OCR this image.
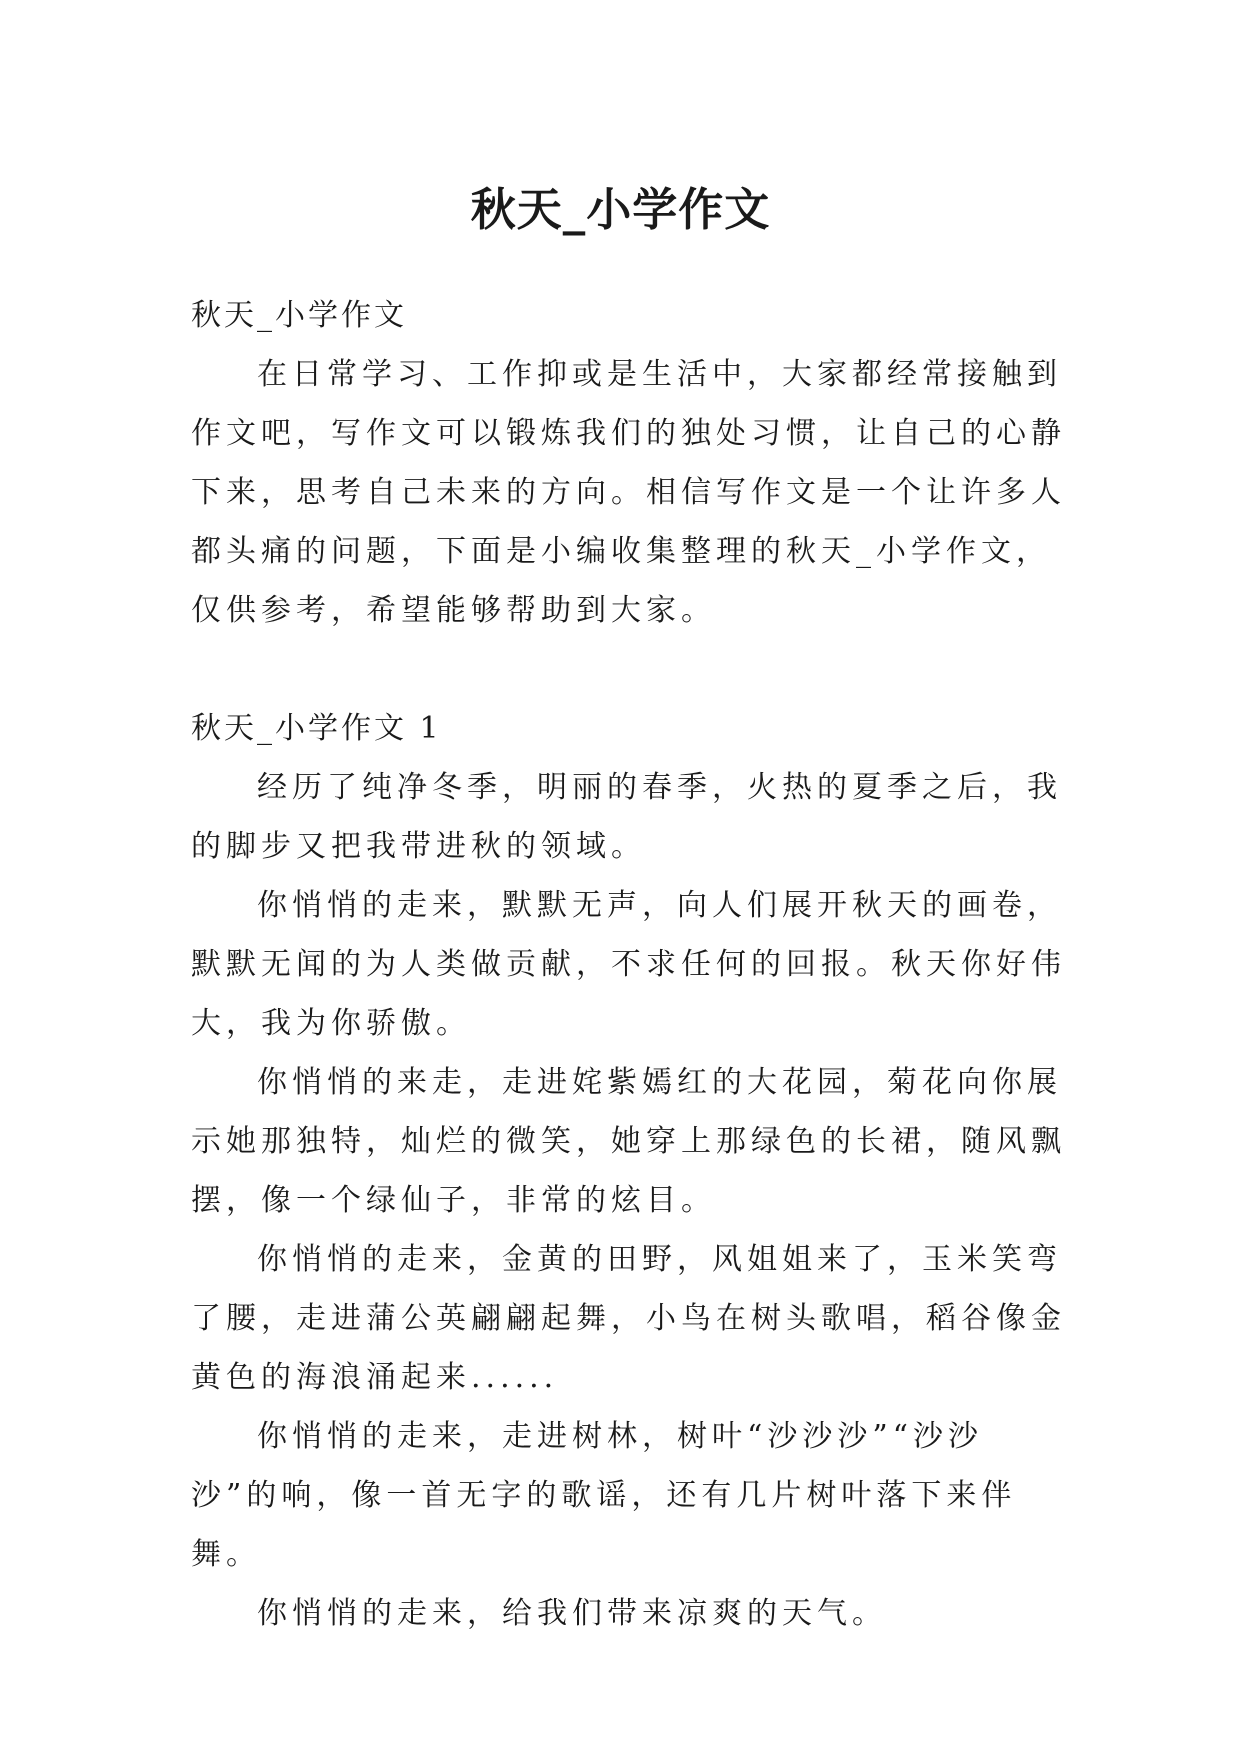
秋天_小学作文

秋天_小学作文

在日常学习、工作抑或是生活中，大家都经常接触到作文吧，写作文可以锻炼我们的独处习惯，让自己的心静下来，思考自己未来的方向。相信写作文是一个让许多人都头痛的问题，下面是小编收集整理的秋天_小学作文，仅供参考，希望能够帮助到大家。

秋天_小学作文 1

经历了纯净冬季，明丽的春季，火热的夏季之后，我的脚步又把我带进秋的领域。

你悄悄的走来，默默无声，向人们展开秋天的画卷，默默无闻的为人类做贡献，不求任何的回报。秋天你好伟大，我为你骄傲。

你悄悄的来走，走进姹紫嫣红的大花园，菊花向你展示她那独特，灿烂的微笑，她穿上那绿色的长裙，随风飘摆，像一个绿仙子，非常的炫目。

你悄悄的走来，金黄的田野，风姐姐来了，玉米笑弯了腰，走进蒲公英翩翩起舞，小鸟在树头歌唱，稻谷像金黄色的海浪涌起来......

你悄悄的走来，走进树林，树叶“沙沙沙”“沙沙沙”的响，像一首无字的歌谣，还有几片树叶落下来伴舞。

你悄悄的走来，给我们带来凉爽的天气。
